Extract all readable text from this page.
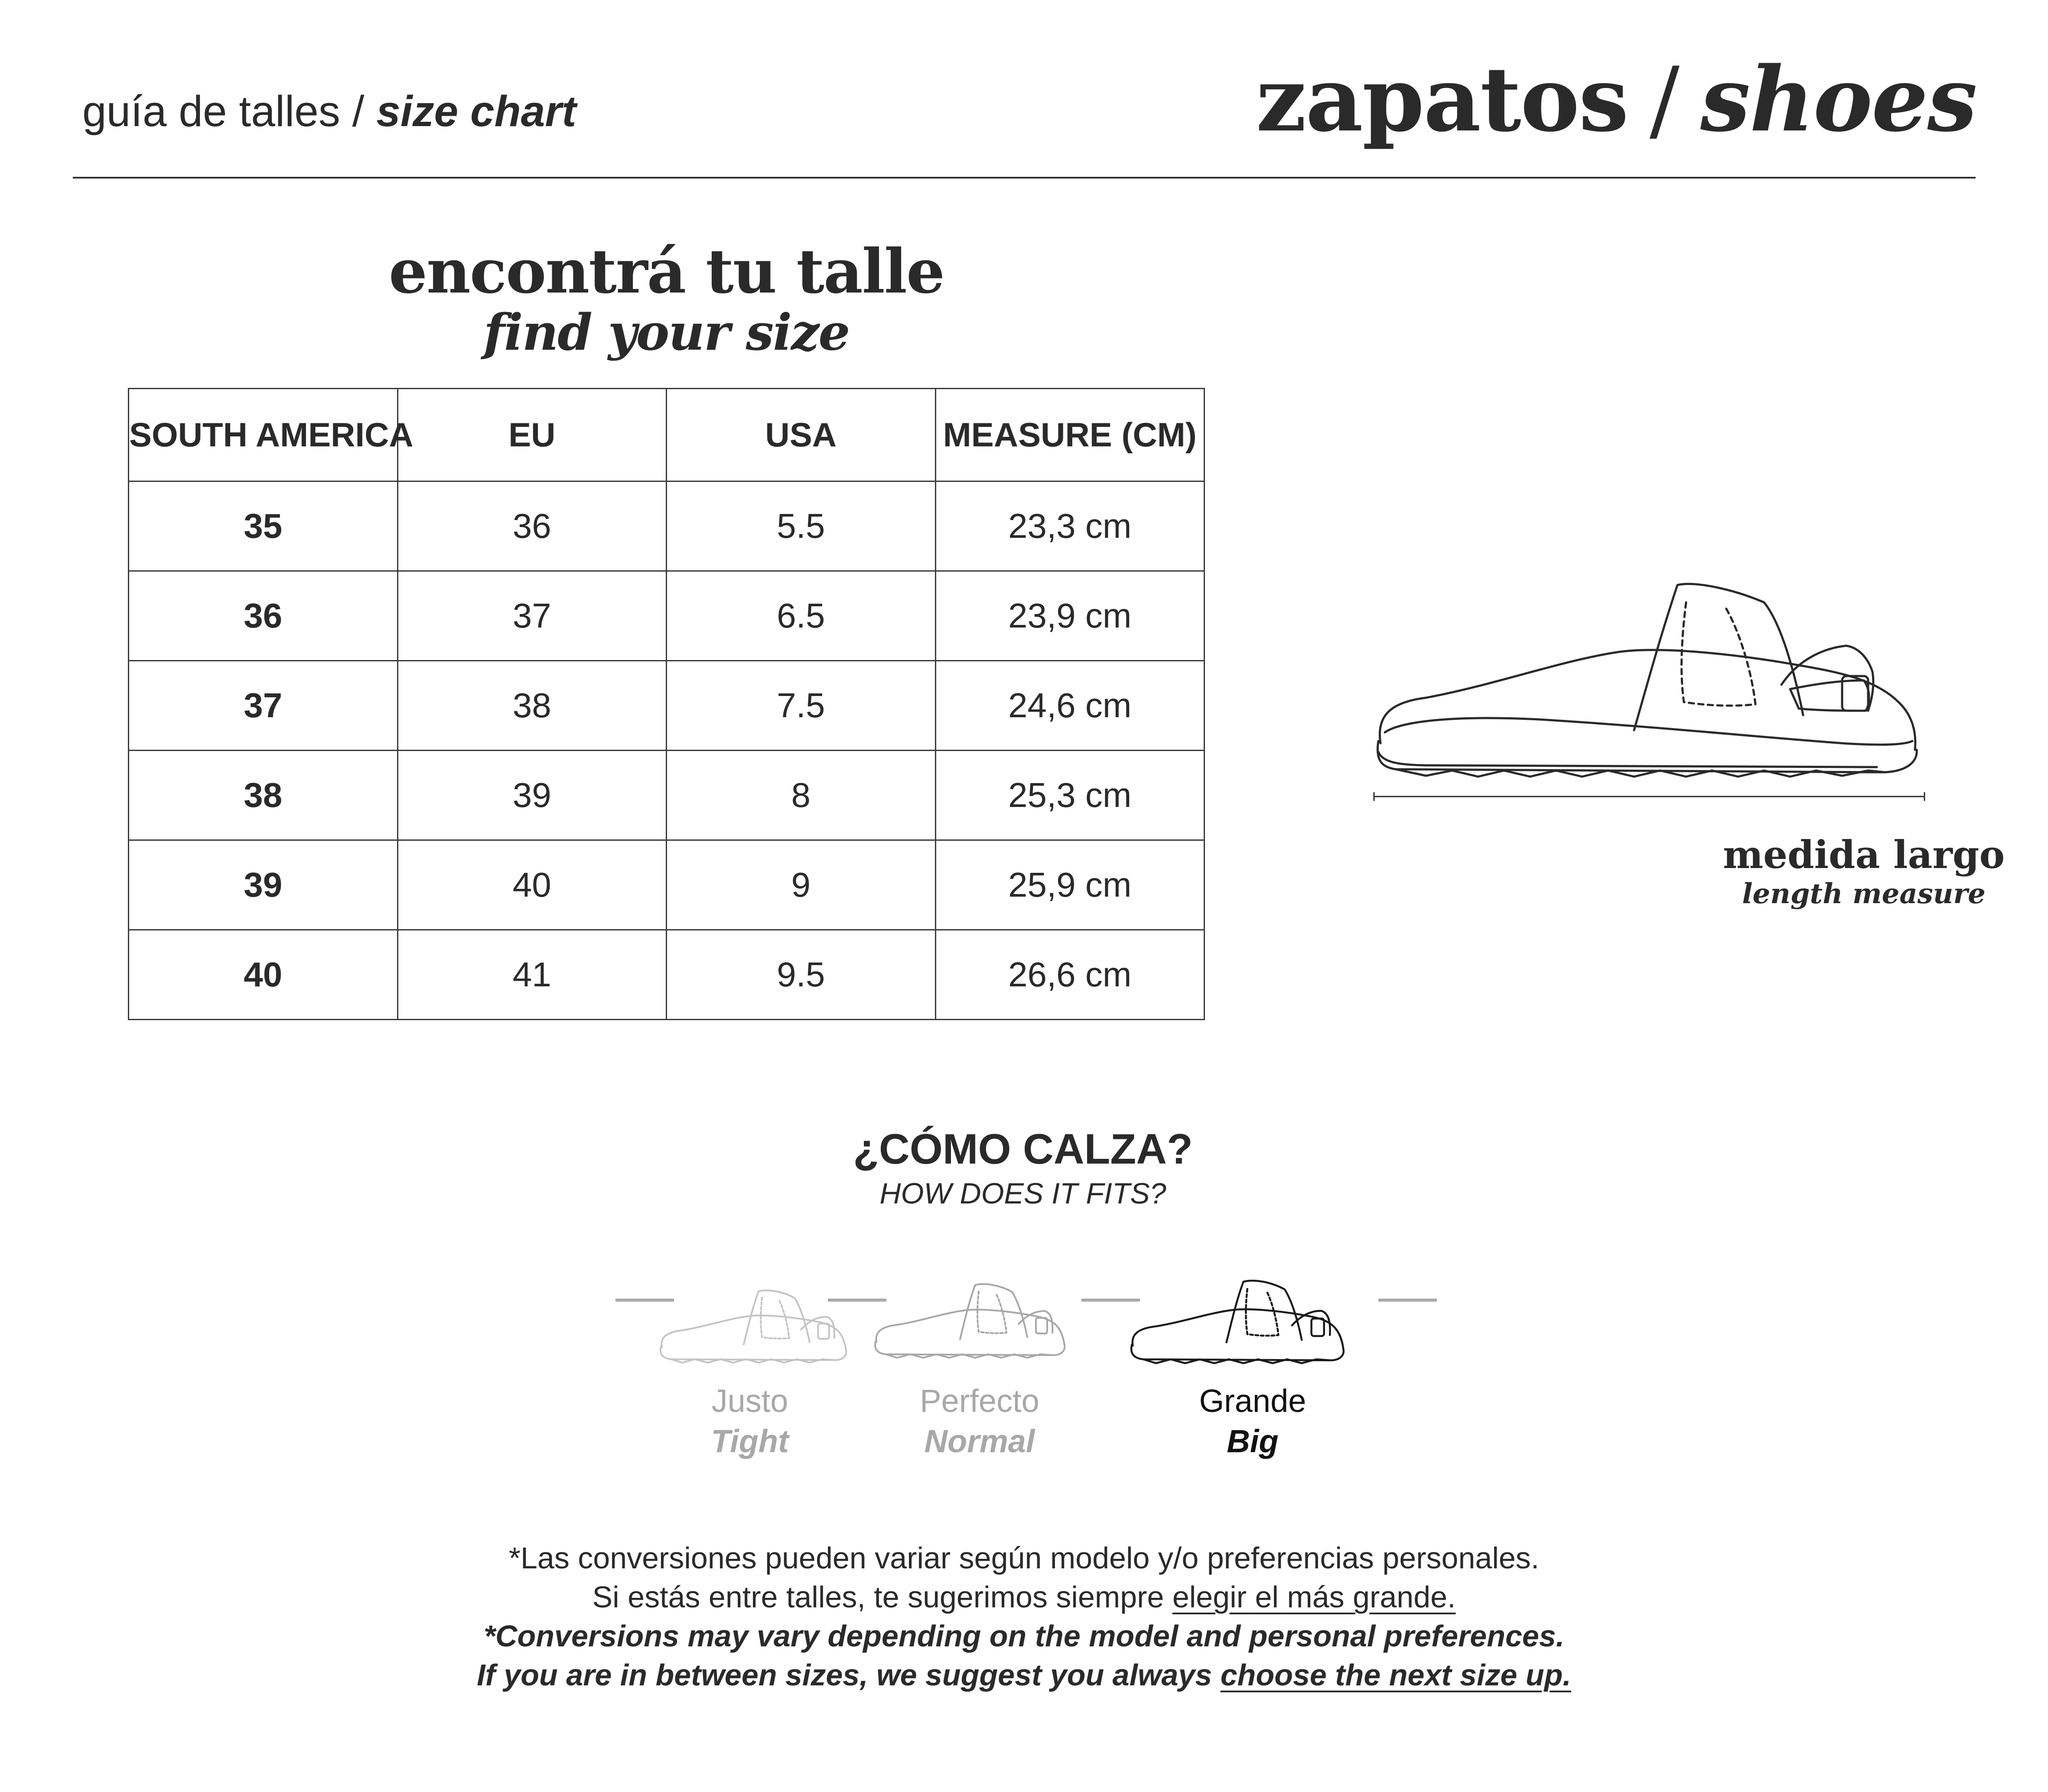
guía de talles / size chart	zapatos / shoes
encontrá tu talle
find your size
SOUTH AMERICA	EU	USA	MEASURE (CM)
35	36	5.5	23,3 cm
36	37	6.5	23,9 cm
37	38	7.5	24,6 cm
38	39	8	25,3 cm
39	40	9	25,9 cm
40	41	9.5	26,6 cm
medida largo
length measure
¿CÓMO CALZA?
HOW DOES IT FITS?
Justo
Tight
Perfecto
Normal
Grande
Big
*Las conversiones pueden variar según modelo y/o preferencias personales.
Si estás entre talles, te sugerimos siempre elegir el más grande.
*Conversions may vary depending on the model and personal preferences.
If you are in between sizes, we suggest you always choose the next size up.
